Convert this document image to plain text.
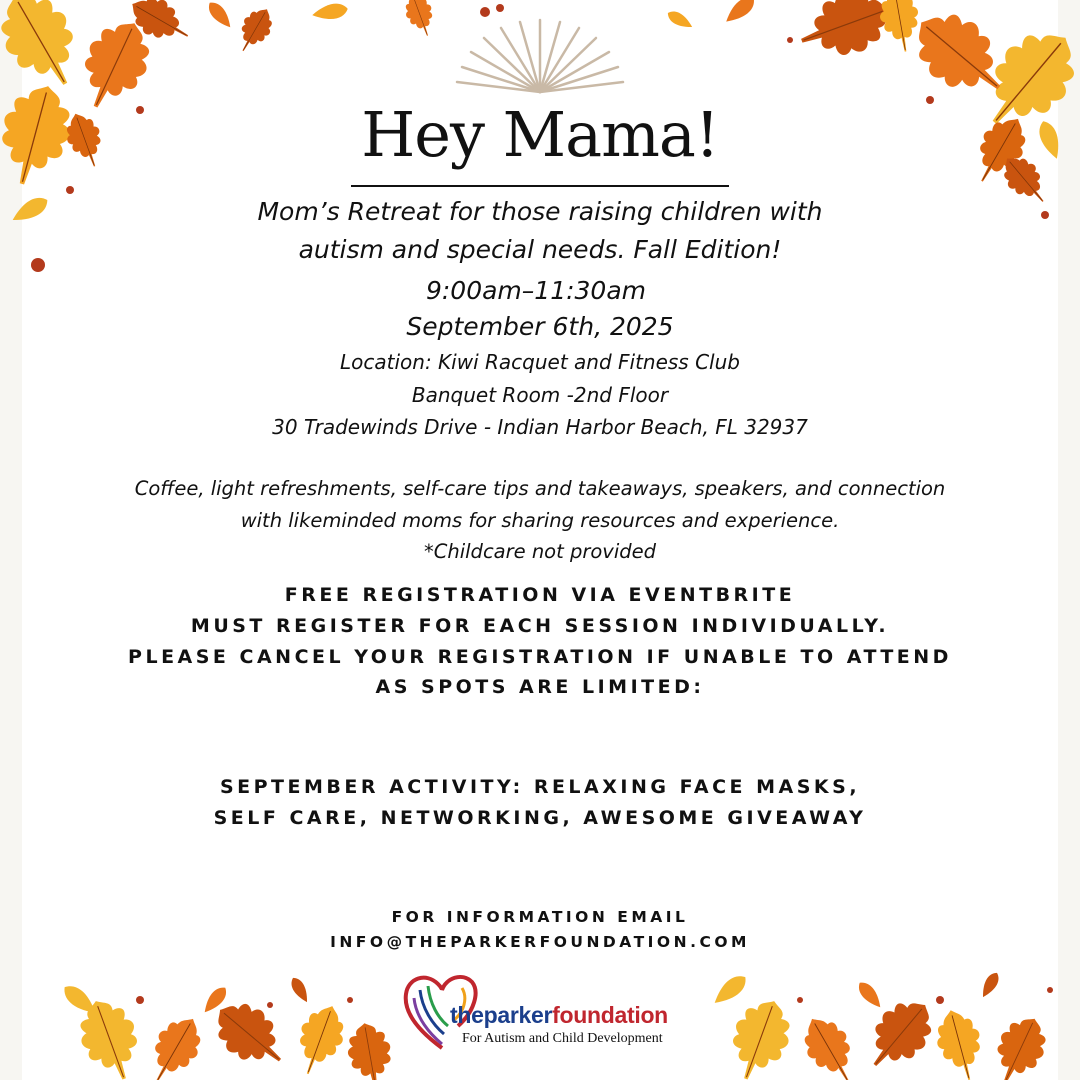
Hey Mama!
Mom’s Retreat for those raising children with
autism and special needs. Fall Edition!
9:00am–11:30am
September 6th, 2025
Location: Kiwi Racquet and Fitness Club
Banquet Room -2nd Floor
30 Tradewinds Drive - Indian Harbor Beach, FL 32937
Coffee, light refreshments, self-care tips and takeaways, speakers, and connection
with likeminded moms for sharing resources and experience.
*Childcare not provided
FREE REGISTRATION VIA EVENTBRITE
MUST REGISTER FOR EACH SESSION INDIVIDUALLY.
PLEASE CANCEL YOUR REGISTRATION IF UNABLE TO ATTEND
AS SPOTS ARE LIMITED:
SEPTEMBER ACTIVITY: RELAXING FACE MASKS,
SELF CARE, NETWORKING, AWESOME GIVEAWAY
FOR INFORMATION EMAIL
INFO@THEPARKERFOUNDATION.COM
theparkerfoundation
For Autism and Child Development
